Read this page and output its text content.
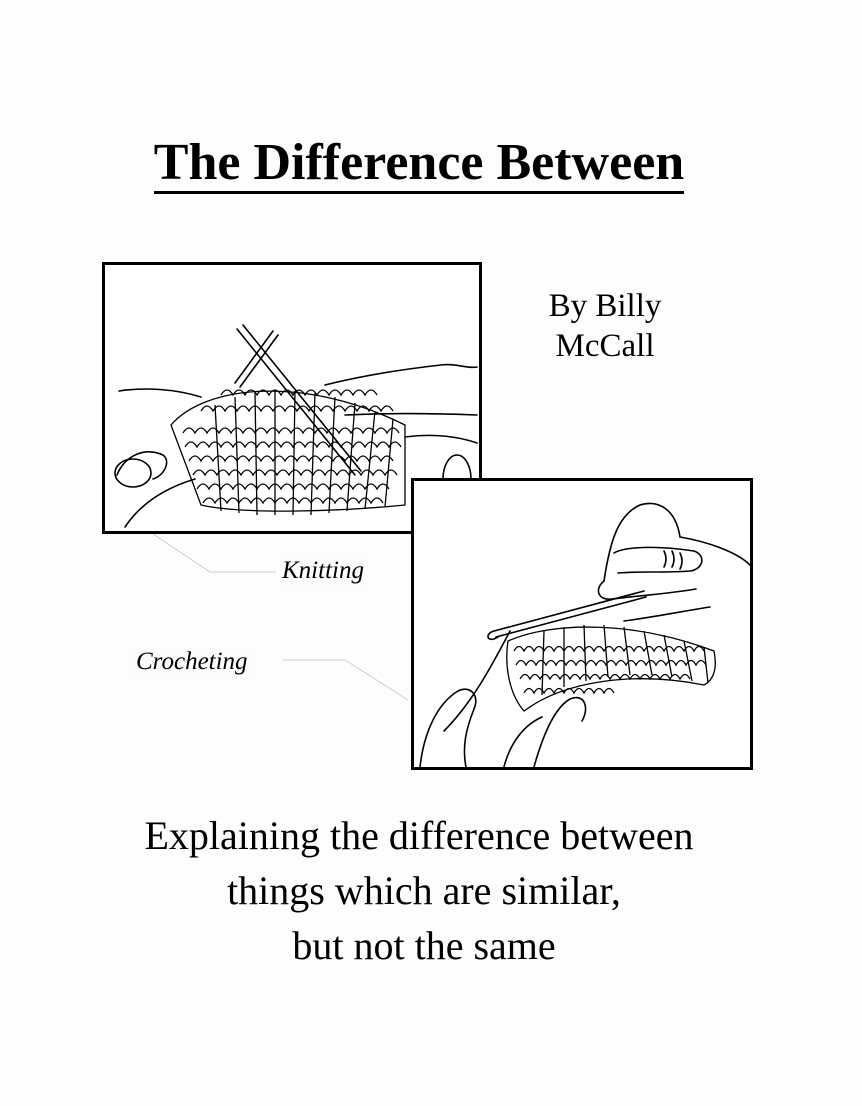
The Difference Between
By Billy
McCall
Knitting
Crocheting
Explaining the difference between
things which are similar,
but not the same
